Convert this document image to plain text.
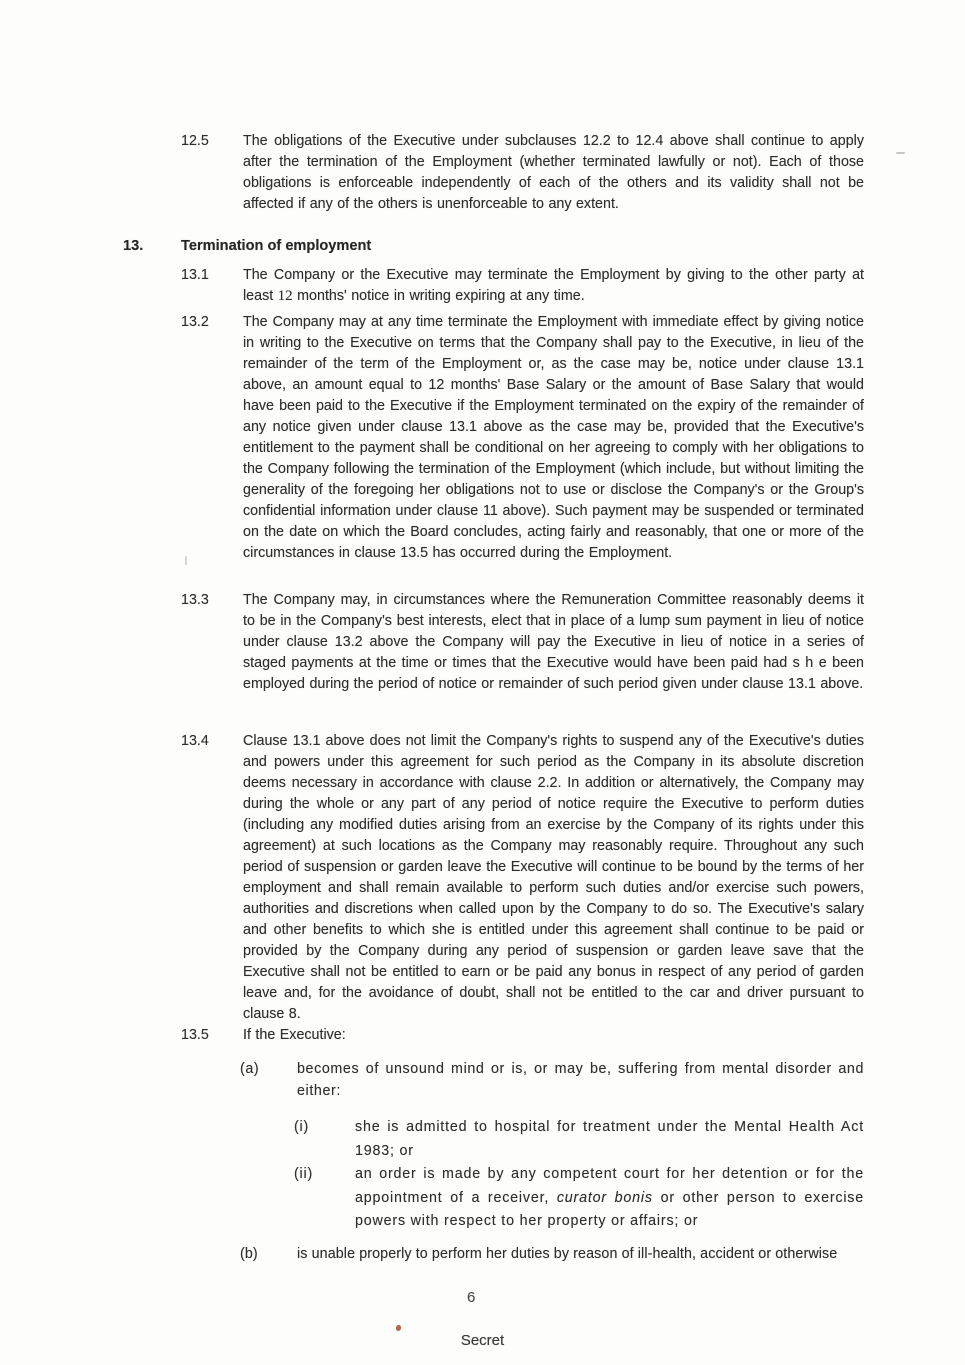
12.5	The obligations of the Executive under subclauses 12.2 to 12.4 above shall continue to apply after the termination of the Employment (whether terminated lawfully or not). Each of those obligations is enforceable independently of each of the others and its validity shall not be affected if any of the others is unenforceable to any extent.
13.	Termination of employment
13.1	The Company or the Executive may terminate the Employment by giving to the other party at least 12 months' notice in writing expiring at any time.
13.2	The Company may at any time terminate the Employment with immediate effect by giving notice in writing to the Executive on terms that the Company shall pay to the Executive, in lieu of the remainder of the term of the Employment or, as the case may be, notice under clause 13.1 above, an amount equal to 12 months' Base Salary or the amount of Base Salary that would have been paid to the Executive if the Employment terminated on the expiry of the remainder of any notice given under clause 13.1 above as the case may be, provided that the Executive's entitlement to the payment shall be conditional on her agreeing to comply with her obligations to the Company following the termination of the Employment (which include, but without limiting the generality of the foregoing her obligations not to use or disclose the Company's or the Group's confidential information under clause 11 above). Such payment may be suspended or terminated on the date on which the Board concludes, acting fairly and reasonably, that one or more of the circumstances in clause 13.5 has occurred during the Employment.
13.3	The Company may, in circumstances where the Remuneration Committee reasonably deems it to be in the Company's best interests, elect that in place of a lump sum payment in lieu of notice under clause 13.2 above the Company will pay the Executive in lieu of notice in a series of staged payments at the time or times that the Executive would have been paid had s h e been employed during the period of notice or remainder of such period given under clause 13.1 above.
13.4	Clause 13.1 above does not limit the Company's rights to suspend any of the Executive's duties and powers under this agreement for such period as the Company in its absolute discretion deems necessary in accordance with clause 2.2. In addition or alternatively, the Company may during the whole or any part of any period of notice require the Executive to perform duties (including any modified duties arising from an exercise by the Company of its rights under this agreement) at such locations as the Company may reasonably require. Throughout any such period of suspension or garden leave the Executive will continue to be bound by the terms of her employment and shall remain available to perform such duties and/or exercise such powers, authorities and discretions when called upon by the Company to do so. The Executive's salary and other benefits to which she is entitled under this agreement shall continue to be paid or provided by the Company during any period of suspension or garden leave save that the Executive shall not be entitled to earn or be paid any bonus in respect of any period of garden leave and, for the avoidance of doubt, shall not be entitled to the car and driver pursuant to clause 8.
13.5	If the Executive:
(a)	becomes of unsound mind or is, or may be, suffering from mental disorder and
either:
(i)	she is admitted to hospital for treatment under the Mental Health Act
1983; or
(ii)	an order is made by any competent court for her detention or for the
appointment of a receiver, curator bonis or other person to exercise
powers with respect to her property or affairs; or
(b)	is unable properly to perform her duties by reason of ill-health, accident or otherwise
6
Secret
